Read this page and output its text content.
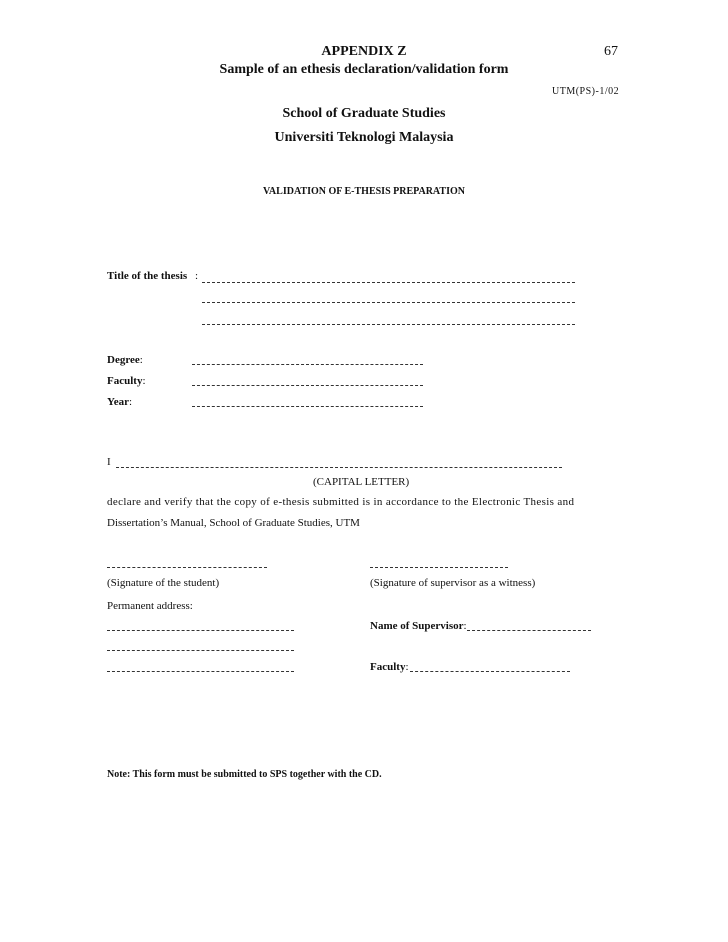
APPENDIX Z	67
Sample of an ethesis declaration/validation form
UTM(PS)-1/02
School of Graduate Studies
Universiti Teknologi Malaysia
VALIDATION OF E-THESIS PREPARATION
Title of the thesis :
Degree:
Faculty:
Year:
I
(CAPITAL LETTER)
declare and verify that the copy of e-thesis submitted is in accordance to the Electronic Thesis and
Dissertation’s Manual, School of Graduate Studies, UTM
(Signature of the student)	(Signature of supervisor as a witness)
Permanent address:
Name of Supervisor:
Faculty:
Note: This form must be submitted to SPS together with the CD.
